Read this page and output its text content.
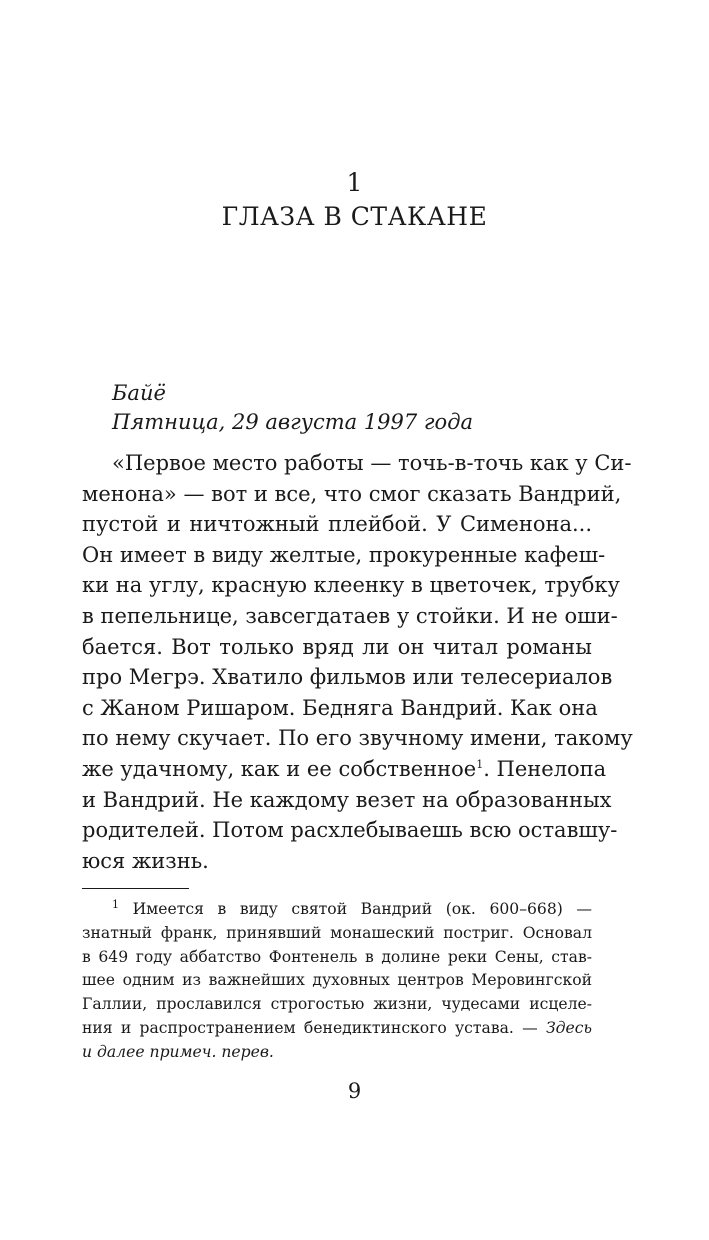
1
ГЛАЗА В СТАКАНЕ
Байё
Пятница, 29 августа 1997 года
«Первое место работы — точь-в-точь как у Си-
менона» — вот и все, что смог сказать Вандрий,
пустой и ничтожный плейбой. У Сименона...
Он имеет в виду желтые, прокуренные кафеш-
ки на углу, красную клеенку в цветочек, трубку
в пепельнице, завсегдатаев у стойки. И не оши-
бается. Вот только вряд ли он читал романы
про Мегрэ. Хватило фильмов или телесериалов
с Жаном Ришаром. Бедняга Вандрий. Как она
по нему скучает. По его звучному имени, такому
же удачному, как и ее собственное$^1$. Пенелопа
и Вандрий. Не каждому везет на образованных
родителей. Потом расхлебываешь всю оставшу-
юся жизнь.
$^1$ Имеется в виду святой Вандрий (ок. 600–668) —
знатный франк, принявший монашеский постриг. Основал
в 649 году аббатство Фонтенель в долине реки Сены, став-
шее одним из важнейших духовных центров Меровингской
Галлии, прославился строгостью жизни, чудесами исцеле-
ния и распространением бенедиктинского устава. — Здесь
и далее примеч. перев.
9
